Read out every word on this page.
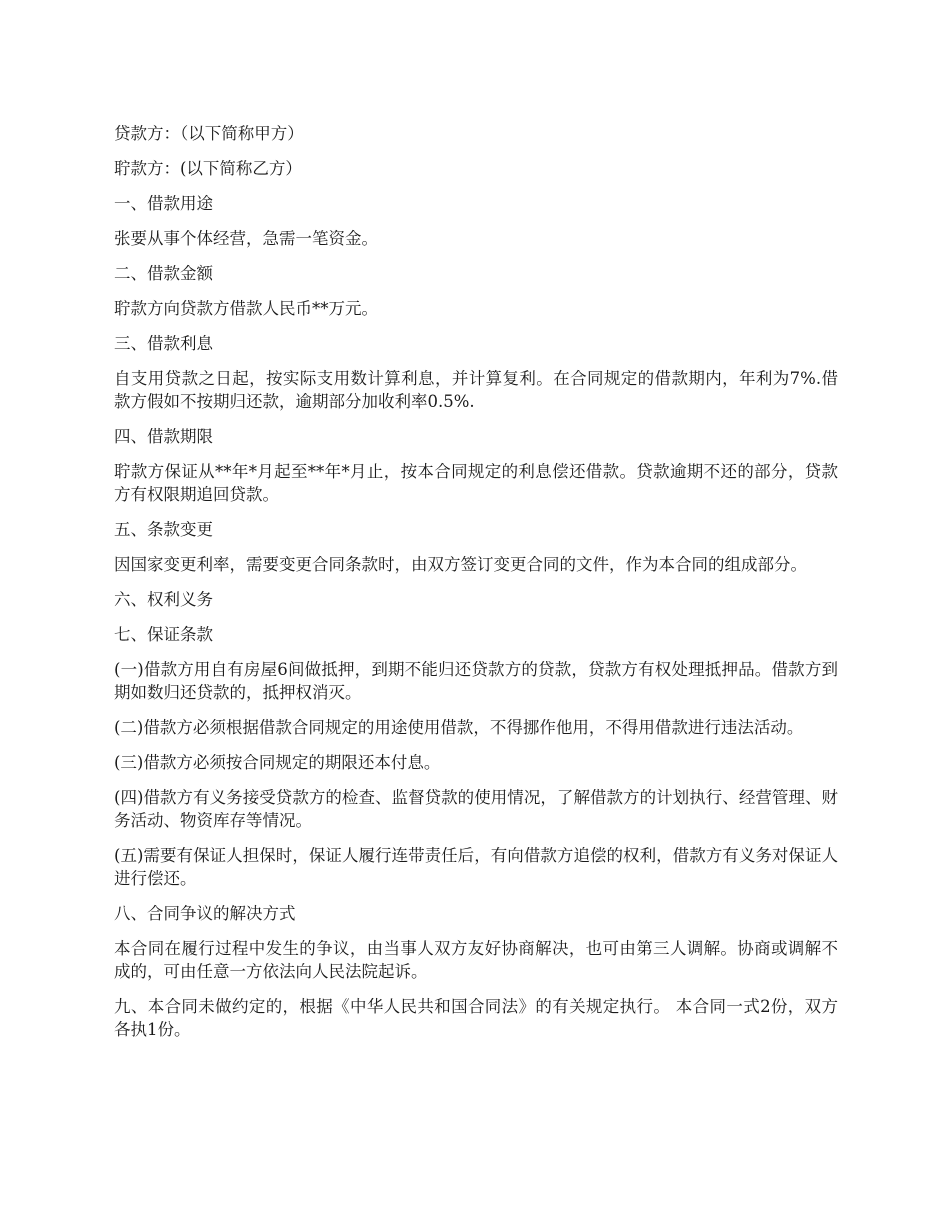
贷款方：（以下简称甲方）

聍款方：(以下简称乙方）

一、借款用途

张要从事个体经营，急需一笔资金。

二、借款金额

聍款方向贷款方借款人民币**万元。

三、借款利息

自支用贷款之日起，按实际支用数计算利息，并计算复利。在合同规定的借款期内，年利为7%.借款方假如不按期归还款，逾期部分加收利率0.5%.

四、借款期限

聍款方保证从**年*月起至**年*月止，按本合同规定的利息偿还借款。贷款逾期不还的部分，贷款方有权限期追回贷款。

五、条款变更

因国家变更利率，需要变更合同条款时，由双方签订变更合同的文件，作为本合同的组成部分。

六、权利义务

七、保证条款

(一)借款方用自有房屋6间做抵押，到期不能归还贷款方的贷款，贷款方有权处理抵押品。借款方到期如数归还贷款的，抵押权消灭。

(二)借款方必须根据借款合同规定的用途使用借款，不得挪作他用，不得用借款进行违法活动。

(三)借款方必须按合同规定的期限还本付息。

(四)借款方有义务接受贷款方的检查、监督贷款的使用情况，了解借款方的计划执行、经营管理、财务活动、物资库存等情况。

(五)需要有保证人担保时，保证人履行连带责任后，有向借款方追偿的权利，借款方有义务对保证人进行偿还。

八、合同争议的解决方式

本合同在履行过程中发生的争议，由当事人双方友好协商解决，也可由第三人调解。协商或调解不成的，可由任意一方依法向人民法院起诉。

九、本合同未做约定的，根据《中华人民共和国合同法》的有关规定执行。 本合同一式2份，双方各执1份。
